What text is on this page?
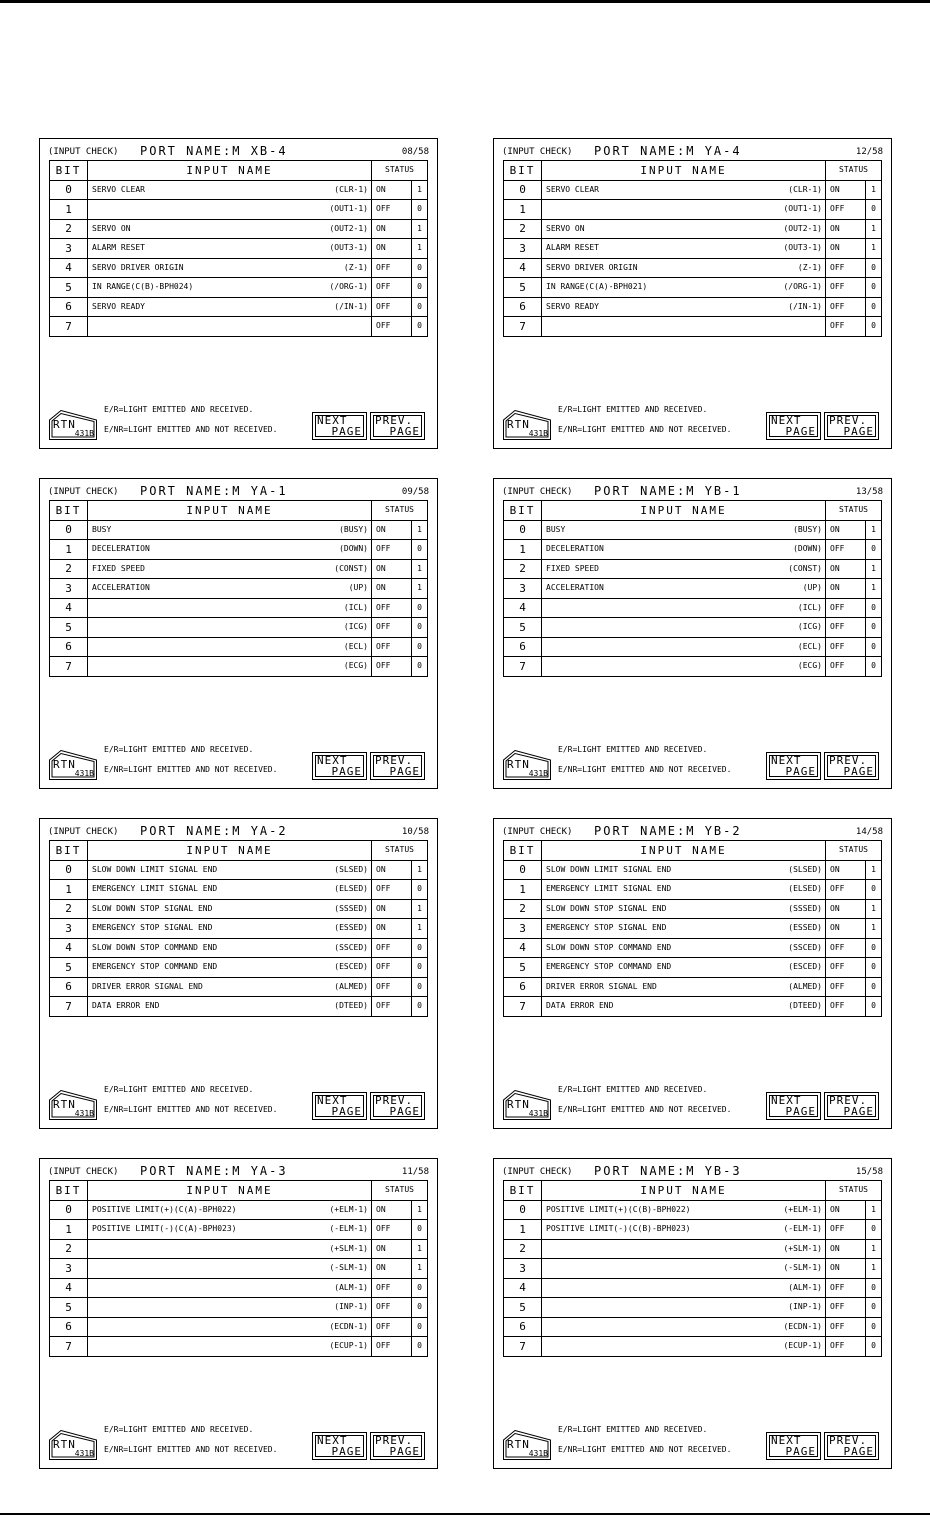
(INPUT CHECK) PORT NAME:M XB-4	08/58
BIT	INPUT NAME	STATUS	
0	SERVO CLEAR (CLR-1)	ON	1
1	(OUT1-1)	OFF	0
2	SERVO ON (OUT2-1)	ON	1
3	ALARM RESET (OUT3-1)	ON	1
4	SERVO DRIVER ORIGIN (Z-1)	OFF	0
5	IN RANGE(C(B)-BPH024) (/ORG-1)	OFF	0
6	SERVO READY (/IN-1)	OFF	0
7		OFF	0
RTN
431B
E/R=LIGHT EMITTED AND RECEIVED.
E/NR=LIGHT EMITTED AND NOT RECEIVED.
NEXT
PAGE
PREV.
PAGE
(INPUT CHECK) PORT NAME:M YA-4	12/58
BIT	INPUT NAME	STATUS	
0	SERVO CLEAR (CLR-1)	ON	1
1	(OUT1-1)	OFF	0
2	SERVO ON (OUT2-1)	ON	1
3	ALARM RESET (OUT3-1)	ON	1
4	SERVO DRIVER ORIGIN (Z-1)	OFF	0
5	IN RANGE(C(A)-BPH021) (/ORG-1)	OFF	0
6	SERVO READY (/IN-1)	OFF	0
7		OFF	0
RTN
431B
E/R=LIGHT EMITTED AND RECEIVED.
E/NR=LIGHT EMITTED AND NOT RECEIVED.
NEXT
PAGE
PREV.
PAGE
(INPUT CHECK) PORT NAME:M YA-1	09/58
BIT	INPUT NAME	STATUS	
0	BUSY (BUSY)	ON	1
1	DECELERATION (DOWN)	OFF	0
2	FIXED SPEED (CONST)	ON	1
3	ACCELERATION (UP)	ON	1
4	(ICL)	OFF	0
5	(ICG)	OFF	0
6	(ECL)	OFF	0
7	(ECG)	OFF	0
RTN
431B
E/R=LIGHT EMITTED AND RECEIVED.
E/NR=LIGHT EMITTED AND NOT RECEIVED.
NEXT
PAGE
PREV.
PAGE
(INPUT CHECK) PORT NAME:M YB-1	13/58
BIT	INPUT NAME	STATUS	
0	BUSY (BUSY)	ON	1
1	DECELERATION (DOWN)	OFF	0
2	FIXED SPEED (CONST)	ON	1
3	ACCELERATION (UP)	ON	1
4	(ICL)	OFF	0
5	(ICG)	OFF	0
6	(ECL)	OFF	0
7	(ECG)	OFF	0
RTN
431B
E/R=LIGHT EMITTED AND RECEIVED.
E/NR=LIGHT EMITTED AND NOT RECEIVED.
NEXT
PAGE
PREV.
PAGE
(INPUT CHECK) PORT NAME:M YA-2	10/58
BIT	INPUT NAME	STATUS	
0	SLOW DOWN LIMIT SIGNAL END (SLSED)	ON	1
1	EMERGENCY LIMIT SIGNAL END (ELSED)	OFF	0
2	SLOW DOWN STOP SIGNAL END (SSSED)	ON	1
3	EMERGENCY STOP SIGNAL END (ESSED)	ON	1
4	SLOW DOWN STOP COMMAND END (SSCED)	OFF	0
5	EMERGENCY STOP COMMAND END (ESCED)	OFF	0
6	DRIVER ERROR SIGNAL END (ALMED)	OFF	0
7	DATA ERROR END (DTEED)	OFF	0
RTN
431B
E/R=LIGHT EMITTED AND RECEIVED.
E/NR=LIGHT EMITTED AND NOT RECEIVED.
NEXT
PAGE
PREV.
PAGE
(INPUT CHECK) PORT NAME:M YB-2	14/58
BIT	INPUT NAME	STATUS	
0	SLOW DOWN LIMIT SIGNAL END (SLSED)	ON	1
1	EMERGENCY LIMIT SIGNAL END (ELSED)	OFF	0
2	SLOW DOWN STOP SIGNAL END (SSSED)	ON	1
3	EMERGENCY STOP SIGNAL END (ESSED)	ON	1
4	SLOW DOWN STOP COMMAND END (SSCED)	OFF	0
5	EMERGENCY STOP COMMAND END (ESCED)	OFF	0
6	DRIVER ERROR SIGNAL END (ALMED)	OFF	0
7	DATA ERROR END (DTEED)	OFF	0
RTN
431B
E/R=LIGHT EMITTED AND RECEIVED.
E/NR=LIGHT EMITTED AND NOT RECEIVED.
NEXT
PAGE
PREV.
PAGE
(INPUT CHECK) PORT NAME:M YA-3	11/58
BIT	INPUT NAME	STATUS	
0	POSITIVE LIMIT(+)(C(A)-BPH022) (+ELM-1)	ON	1
1	POSITIVE LIMIT(-)(C(A)-BPH023) (-ELM-1)	OFF	0
2	(+SLM-1)	ON	1
3	(-SLM-1)	ON	1
4	(ALM-1)	OFF	0
5	(INP-1)	OFF	0
6	(ECDN-1)	OFF	0
7	(ECUP-1)	OFF	0
RTN
431B
E/R=LIGHT EMITTED AND RECEIVED.
E/NR=LIGHT EMITTED AND NOT RECEIVED.
NEXT
PAGE
PREV.
PAGE
(INPUT CHECK) PORT NAME:M YB-3	15/58
BIT	INPUT NAME	STATUS	
0	POSITIVE LIMIT(+)(C(B)-BPH022) (+ELM-1)	ON	1
1	POSITIVE LIMIT(-)(C(B)-BPH023) (-ELM-1)	OFF	0
2	(+SLM-1)	ON	1
3	(-SLM-1)	ON	1
4	(ALM-1)	OFF	0
5	(INP-1)	OFF	0
6	(ECDN-1)	OFF	0
7	(ECUP-1)	OFF	0
RTN
431B
E/R=LIGHT EMITTED AND RECEIVED.
E/NR=LIGHT EMITTED AND NOT RECEIVED.
NEXT
PAGE
PREV.
PAGE
